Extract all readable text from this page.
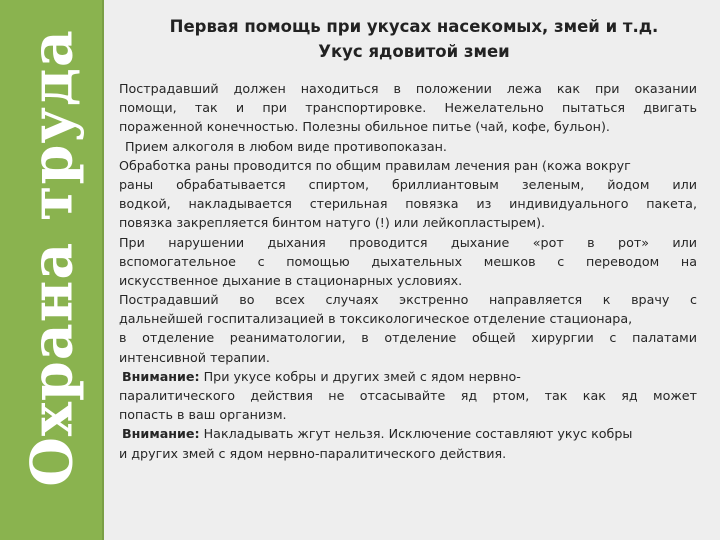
Охрана труда
Первая помощь при укусах насекомых, змей и т.д.
Укус ядовитой змеи
Пострадавший должен находиться в положении лежа как при оказании
помощи, так и при транспортировке. Нежелательно пытаться двигать
пораженной конечностью. Полезны обильное питье (чай, кофе, бульон).
Прием алкоголя в любом виде противопоказан.
Обработка раны проводится по общим правилам лечения ран (кожа вокруг
раны обрабатывается спиртом, бриллиантовым зеленым, йодом или
водкой, накладывается стерильная повязка из индивидуального пакета,
повязка закрепляется бинтом натуго (!) или лейкопластырем).
При нарушении дыхания проводится дыхание «рот в рот» или
вспомогательное с помощью дыхательных мешков с переводом на
искусственное дыхание в стационарных условиях.
Пострадавший во всех случаях экстренно направляется к врачу с
дальнейшей госпитализацией в токсикологическое отделение стационара,
в отделение реаниматологии, в отделение общей хирургии с палатами
интенсивной терапии.
Внимание: При укусе кобры и других змей с ядом нервно-
паралитического действия не отсасывайте яд ртом, так как яд может
попасть в ваш организм.
Внимание: Накладывать жгут нельзя. Исключение составляют укус кобры
и других змей с ядом нервно-паралитического действия.
